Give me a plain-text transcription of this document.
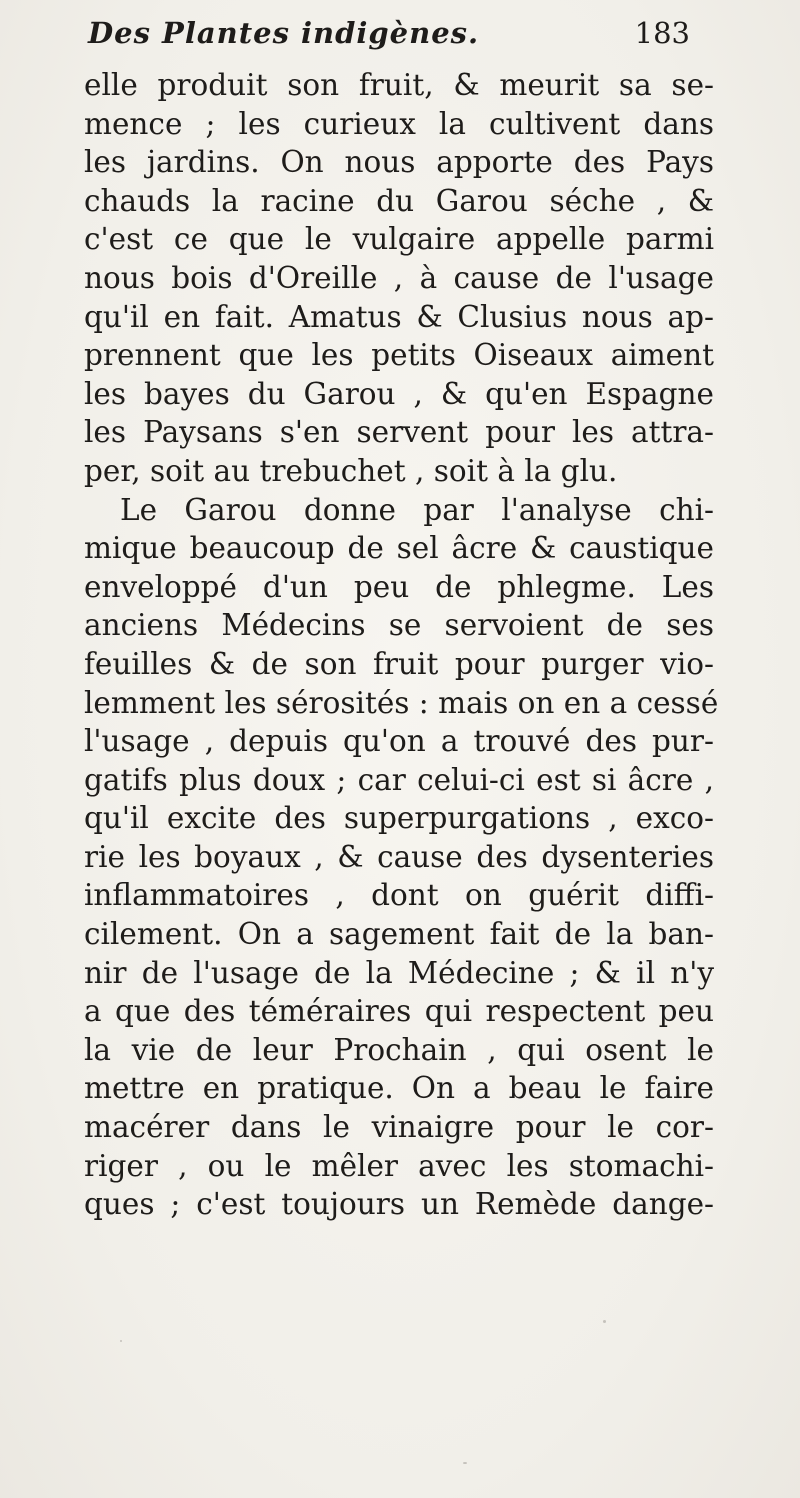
Des Plantes indigènes.	183
elle produit son fruit, & meurit sa se-
mence ; les curieux la cultivent dans
les jardins. On nous apporte des Pays
chauds la racine du Garou séche , &
c'est ce que le vulgaire appelle parmi
nous bois d'Oreille , à cause de l'usage
qu'il en fait. Amatus & Clusius nous ap-
prennent que les petits Oiseaux aiment
les bayes du Garou , & qu'en Espagne
les Paysans s'en servent pour les attra-
per, soit au trebuchet , soit à la glu.
Le Garou donne par l'analyse chi-
mique beaucoup de sel âcre & caustique
enveloppé d'un peu de phlegme. Les
anciens Médecins se servoient de ses
feuilles & de son fruit pour purger vio-
lemment les sérosités : mais on en a cessé
l'usage , depuis qu'on a trouvé des pur-
gatifs plus doux ; car celui-ci est si âcre ,
qu'il excite des superpurgations , exco-
rie les boyaux , & cause des dysenteries
inflammatoires , dont on guérit diffi-
cilement. On a sagement fait de la ban-
nir de l'usage de la Médecine ; & il n'y
a que des téméraires qui respectent peu
la vie de leur Prochain , qui osent le
mettre en pratique. On a beau le faire
macérer dans le vinaigre pour le cor-
riger , ou le mêler avec les stomachi-
ques ; c'est toujours un Remède dange-
